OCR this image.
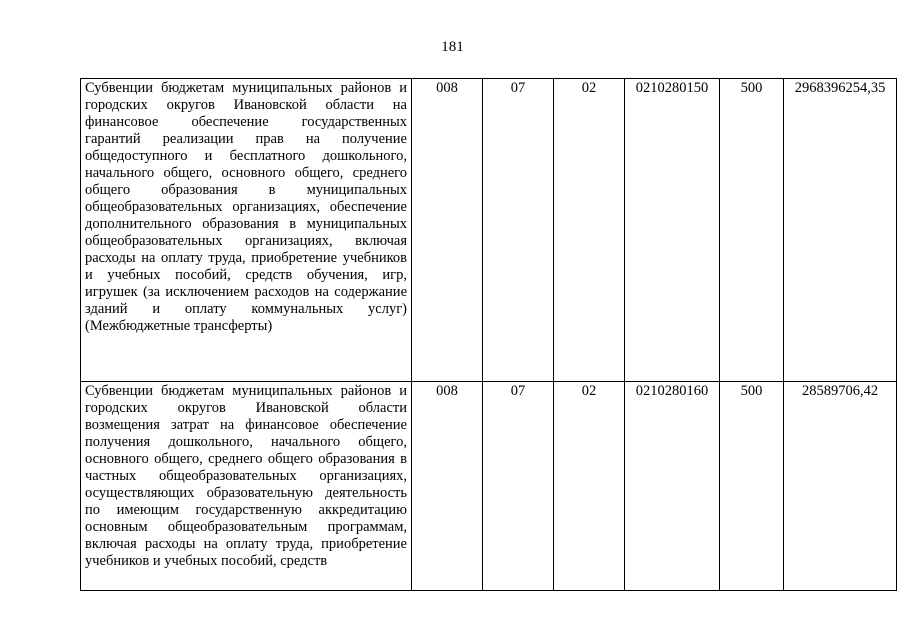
181
Субвенции бюджетам муниципальных районов и городских округов Ивановской области на финансовое обеспечение государственных гарантий реализации прав на получение общедоступного и бесплатного дошкольного, начального общего, основного общего, среднего общего образования в муниципальных общеобразовательных организациях, обеспечение дополнительного образования в муниципальных общеобразовательных организациях, включая расходы на оплату труда, приобретение учебников и учебных пособий, средств обучения, игр, игрушек (за исключением расходов на содержание зданий и оплату коммунальных услуг) (Межбюджетные трансферты)	008	07	02	0210280150	500	2968396254,35
Субвенции бюджетам муниципальных районов и городских округов Ивановской области возмещения затрат на финансовое обеспечение получения дошкольного, начального общего, основного общего, среднего общего образования в частных общеобразовательных организациях, осуществляющих образовательную деятельность по имеющим государственную аккредитацию основным общеобразовательным программам, включая расходы на оплату труда, приобретение учебников и учебных пособий, средств	008	07	02	0210280160	500	28589706,42
